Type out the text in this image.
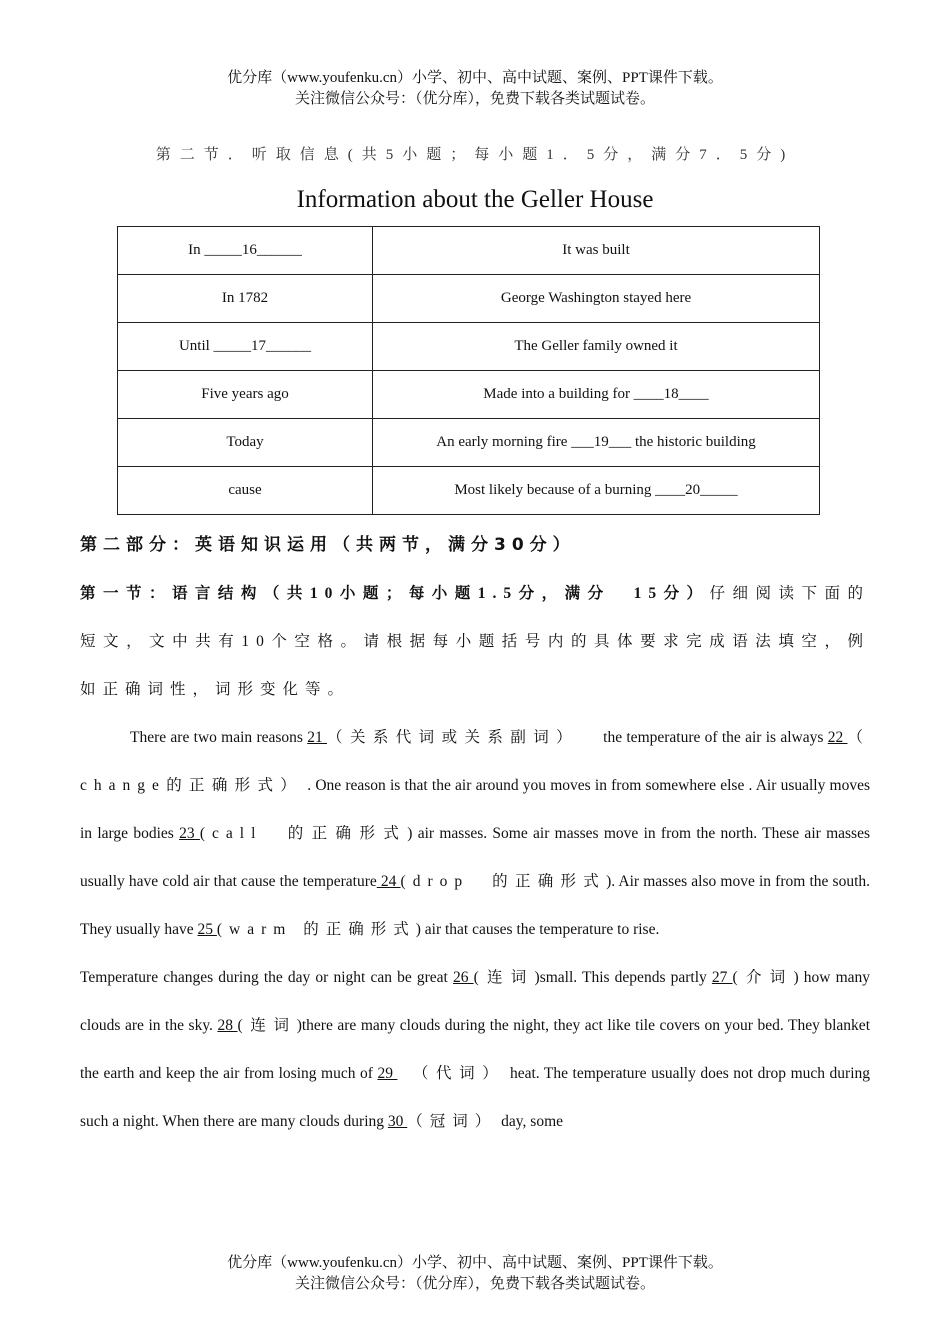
优分库（www.youfenku.cn）小学、初中、高中试题、案例、PPT课件下载。
关注微信公众号：（优分库），免费下载各类试题试卷。
第二节．听取信息(共5小题；每小题1．5分，满分7．5分)
Information about the Geller House
In _____16______	It was built
In 1782	George Washington stayed here
Until _____17______	The Geller family owned it
Five years ago	Made into a building for ____18____
Today	An early morning fire ___19___ the historic building
cause	Most likely because of a burning ____20_____
第二部分：英语知识运用（共两节，满分30分）

第一节：语言结构（共10小题；每小题1.5分，满分　15分）仔细阅读下面的短文，文中共有10个空格。请根据每小题括号内的具体要求完成语法填空，例如正确词性，词形变化等。

There are two main reasons 21 （关系代词或关系副词）　　the temperature of the air is always 22 （ change的正确形式） . One reason is that the air around you moves in from somewhere else . Air usually moves in large bodies 23 (call　的正确形式) air masses. Some air masses move in from the north. These air masses usually have cold air that cause the temperature 24 (drop　的正确形式). Air masses also move in from the south. They usually have 25 (warm 的正确形式) air that causes the temperature to rise.

Temperature changes during the day or night can be great 26 (连词)small. This depends partly 27 (介词) how many clouds are in the sky. 28 (连词)there are many clouds during the night, they act like tile covers on your bed. They blanket the earth and keep the air from losing much of 29 　（代词） heat. The temperature usually does not drop much during such a night. When there are many clouds during 30 （冠词） day, some

优分库（www.youfenku.cn）小学、初中、高中试题、案例、PPT课件下载。
关注微信公众号：（优分库），免费下载各类试题试卷。
